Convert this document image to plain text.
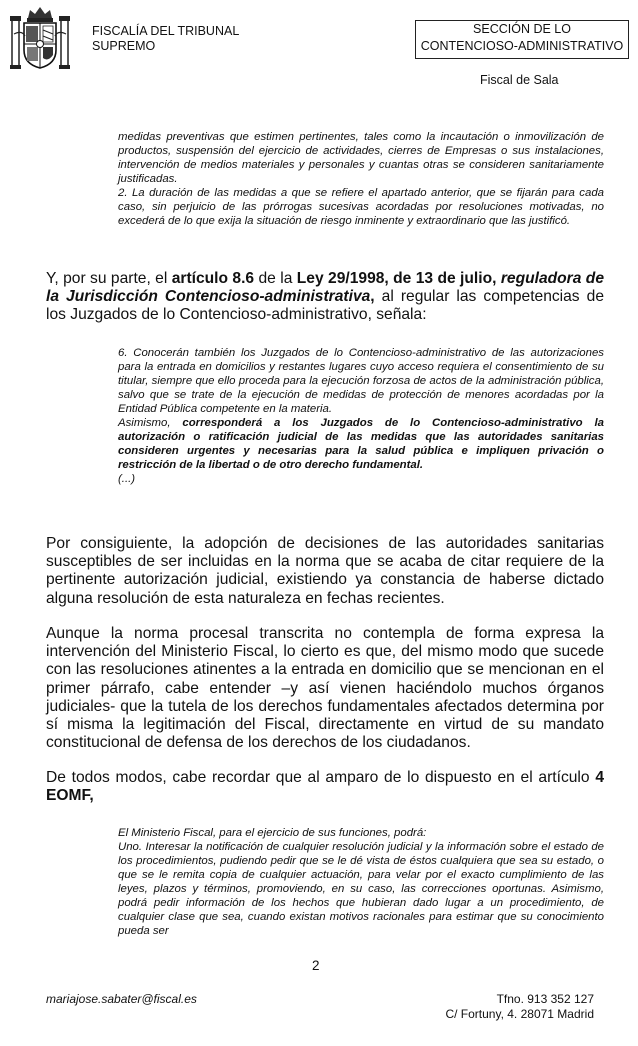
FISCALÍA DEL TRIBUNAL
SUPREMO
SECCIÓN DE LO
CONTENCIOSO-ADMINISTRATIVO
Fiscal de Sala

medidas preventivas que estimen pertinentes, tales como la incautación o inmovilización de productos, suspensión del ejercicio de actividades, cierres de Empresas o sus instalaciones, intervención de medios materiales y personales y cuantas otras se consideren sanitariamente justificadas.

2. La duración de las medidas a que se refiere el apartado anterior, que se fijarán para cada caso, sin perjuicio de las prórrogas sucesivas acordadas por resoluciones motivadas, no excederá de lo que exija la situación de riesgo inminente y extraordinario que las justificó.

Y, por su parte, el artículo 8.6 de la Ley 29/1998, de 13 de julio, reguladora de la Jurisdicción Contencioso-administrativa, al regular las competencias de los Juzgados de lo Contencioso-administrativo, señala:

6. Conocerán también los Juzgados de lo Contencioso-administrativo de las autorizaciones para la entrada en domicilios y restantes lugares cuyo acceso requiera el consentimiento de su titular, siempre que ello proceda para la ejecución forzosa de actos de la administración pública, salvo que se trate de la ejecución de medidas de protección de menores acordadas por la Entidad Pública competente en la materia.

Asimismo, corresponderá a los Juzgados de lo Contencioso-administrativo la autorización o ratificación judicial de las medidas que las autoridades sanitarias consideren urgentes y necesarias para la salud pública e impliquen privación o restricción de la libertad o de otro derecho fundamental.

(...)

Por consiguiente, la adopción de decisiones de las autoridades sanitarias susceptibles de ser incluidas en la norma que se acaba de citar requiere de la pertinente autorización judicial, existiendo ya constancia de haberse dictado alguna resolución de esta naturaleza en fechas recientes.

Aunque la norma procesal transcrita no contempla de forma expresa la intervención del Ministerio Fiscal, lo cierto es que, del mismo modo que sucede con las resoluciones atinentes a la entrada en domicilio que se mencionan en el primer párrafo, cabe entender –y así vienen haciéndolo muchos órganos judiciales- que la tutela de los derechos fundamentales afectados determina por sí misma la legitimación del Fiscal, directamente en virtud de su mandato constitucional de defensa de los derechos de los ciudadanos.

De todos modos, cabe recordar que al amparo de lo dispuesto en el artículo 4 EOMF,

El Ministerio Fiscal, para el ejercicio de sus funciones, podrá:

Uno. Interesar la notificación de cualquier resolución judicial y la información sobre el estado de los procedimientos, pudiendo pedir que se le dé vista de éstos cualquiera que sea su estado, o que se le remita copia de cualquier actuación, para velar por el exacto cumplimiento de las leyes, plazos y términos, promoviendo, en su caso, las correcciones oportunas. Asimismo, podrá pedir información de los hechos que hubieran dado lugar a un procedimiento, de cualquier clase que sea, cuando existan motivos racionales para estimar que su conocimiento pueda ser

2
mariajose.sabater@fiscal.es	Tfno. 913 352 127
C/ Fortuny, 4. 28071 Madrid
